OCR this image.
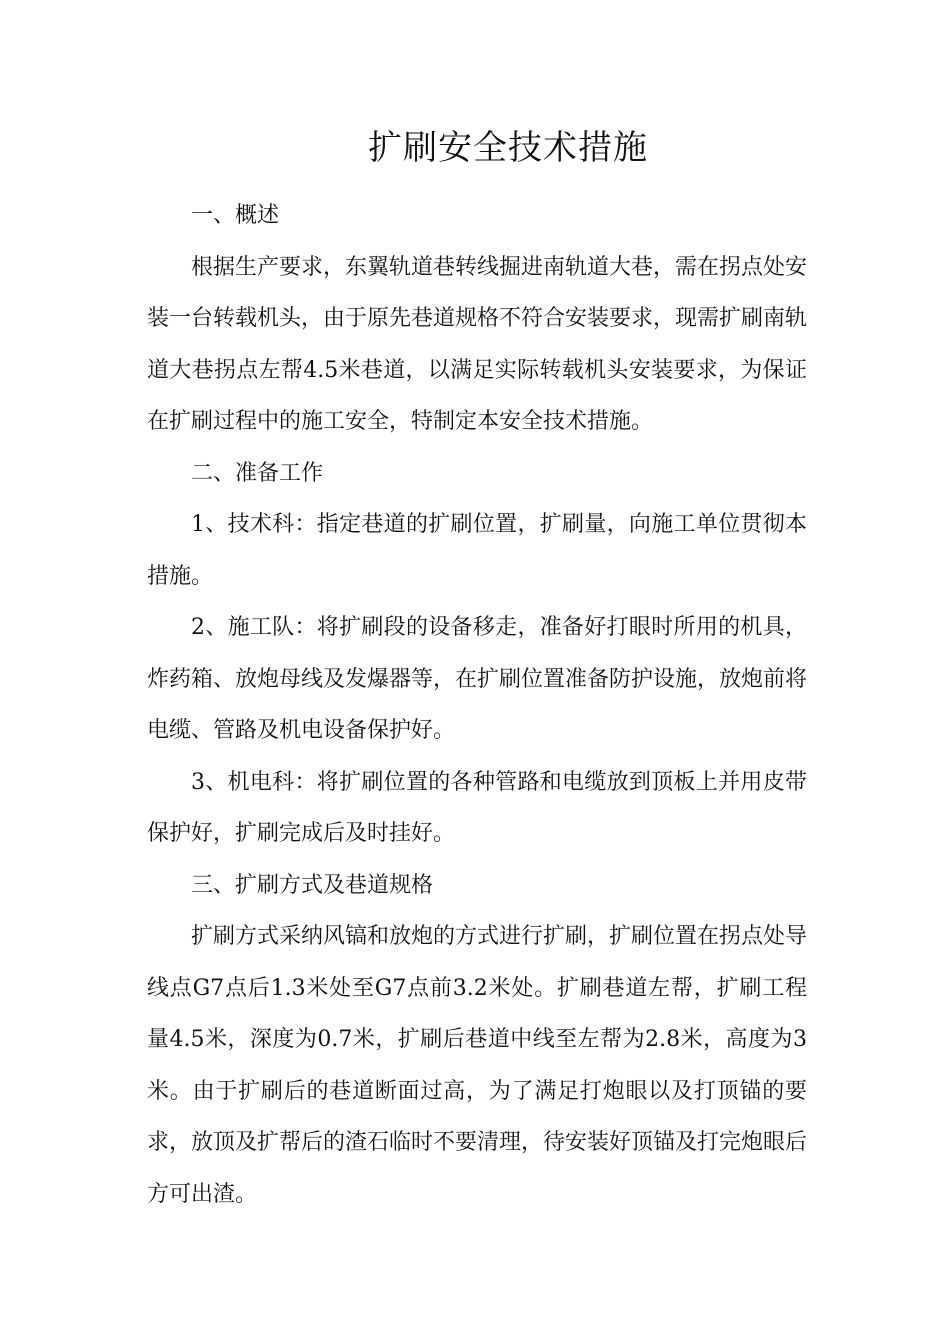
扩刷安全技术措施

一、概述

根据生产要求，东翼轨道巷转线掘进南轨道大巷，需在拐点处安装一台转载机头，由于原先巷道规格不符合安装要求，现需扩刷南轨道大巷拐点左帮4.5米巷道，以满足实际转载机头安装要求，为保证在扩刷过程中的施工安全，特制定本安全技术措施。

二、准备工作

1、技术科：指定巷道的扩刷位置，扩刷量，向施工单位贯彻本措施。

2、施工队：将扩刷段的设备移走，准备好打眼时所用的机具，炸药箱、放炮母线及发爆器等，在扩刷位置准备防护设施，放炮前将电缆、管路及机电设备保护好。

3、机电科：将扩刷位置的各种管路和电缆放到顶板上并用皮带保护好，扩刷完成后及时挂好。

三、扩刷方式及巷道规格

扩刷方式采纳风镐和放炮的方式进行扩刷，扩刷位置在拐点处导线点G7点后1.3米处至G7点前3.2米处。扩刷巷道左帮，扩刷工程量4.5米，深度为0.7米，扩刷后巷道中线至左帮为2.8米，高度为3米。由于扩刷后的巷道断面过高，为了满足打炮眼以及打顶锚的要求，放顶及扩帮后的渣石临时不要清理，待安装好顶锚及打完炮眼后方可出渣。
